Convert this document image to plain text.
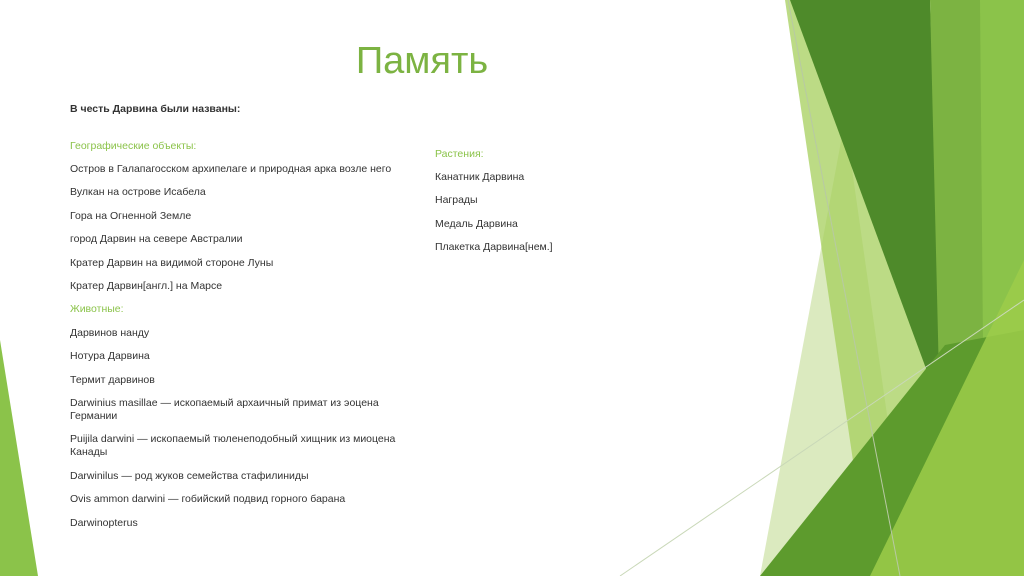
Память
В честь Дарвина были названы:
Географические объекты:
Остров в Галапагосском архипелаге и природная арка возле него
Вулкан на острове Исабела
Гора на Огненной Земле
город Дарвин на севере Австралии
Кратер Дарвин на видимой стороне Луны
Кратер Дарвин[англ.] на Марсе
Животные:
Дарвинов нанду
Нотура Дарвина
Термит дарвинов
Darwinius masillae — ископаемый архаичный примат из эоцена Германии
Puijila darwini — ископаемый тюленеподобный хищник из миоцена Канады
Darwinilus — род жуков семейства стафилиниды
Ovis ammon darwini — гобийский подвид горного барана
Darwinopterus
Растения:
Канатник Дарвина
Награды
Медаль Дарвина
Плакетка Дарвина[нем.]
